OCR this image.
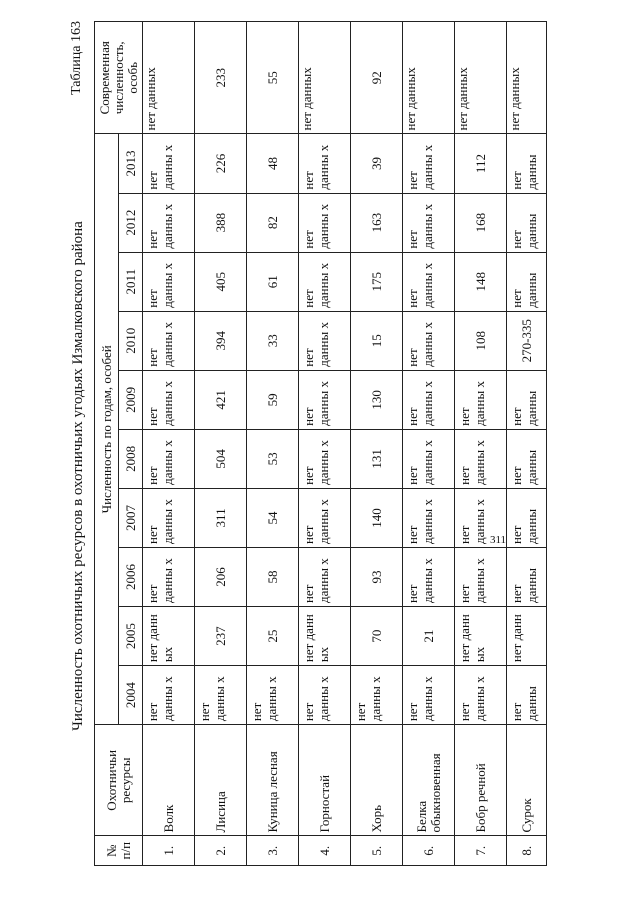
Численность охотничьих ресурсов в охотничьих угодьях Измалковского района
Таблица 163
№ п/п	Охотничьи ресурсы	Численность по годам, особей										Современная численность, особь
		2004	2005	2006	2007	2008	2009	2010	2011	2012	2013	
1.	Волк	нет данны х	нет данн ых	нет данны х	нет данны х	нет данны х	нет данны х	нет данны х	нет данны х	нет данны х	нет данны х	нет данных
2.	Лисица	нет данны х	237	206	311	504	421	394	405	388	226	233
3.	Куница лесная	нет данны х	25	58	54	53	59	33	61	82	48	55
4.	Горностай	нет данны х	нет данн ых	нет данны х	нет данны х	нет данны х	нет данны х	нет данны х	нет данны х	нет данны х	нет данны х	нет данных
5.	Хорь	нет данны х	70	93	140	131	130	15	175	163	39	92
6.	Белка обыкновенная	нет данны х	21	нет данны х	нет данны х	нет данны х	нет данны х	нет данны х	нет данны х	нет данны х	нет данны х	нет данных
7.	Бобр речной	нет данны х	нет данн ых	нет данны х	нет данны х	нет данны х	нет данны х	108	148	168	112	нет данных
8.	Сурок	нет данны	нет данн	нет данны	нет данны	нет данны	нет данны	270-335	нет данны	нет данны	нет данны	нет данных
311
